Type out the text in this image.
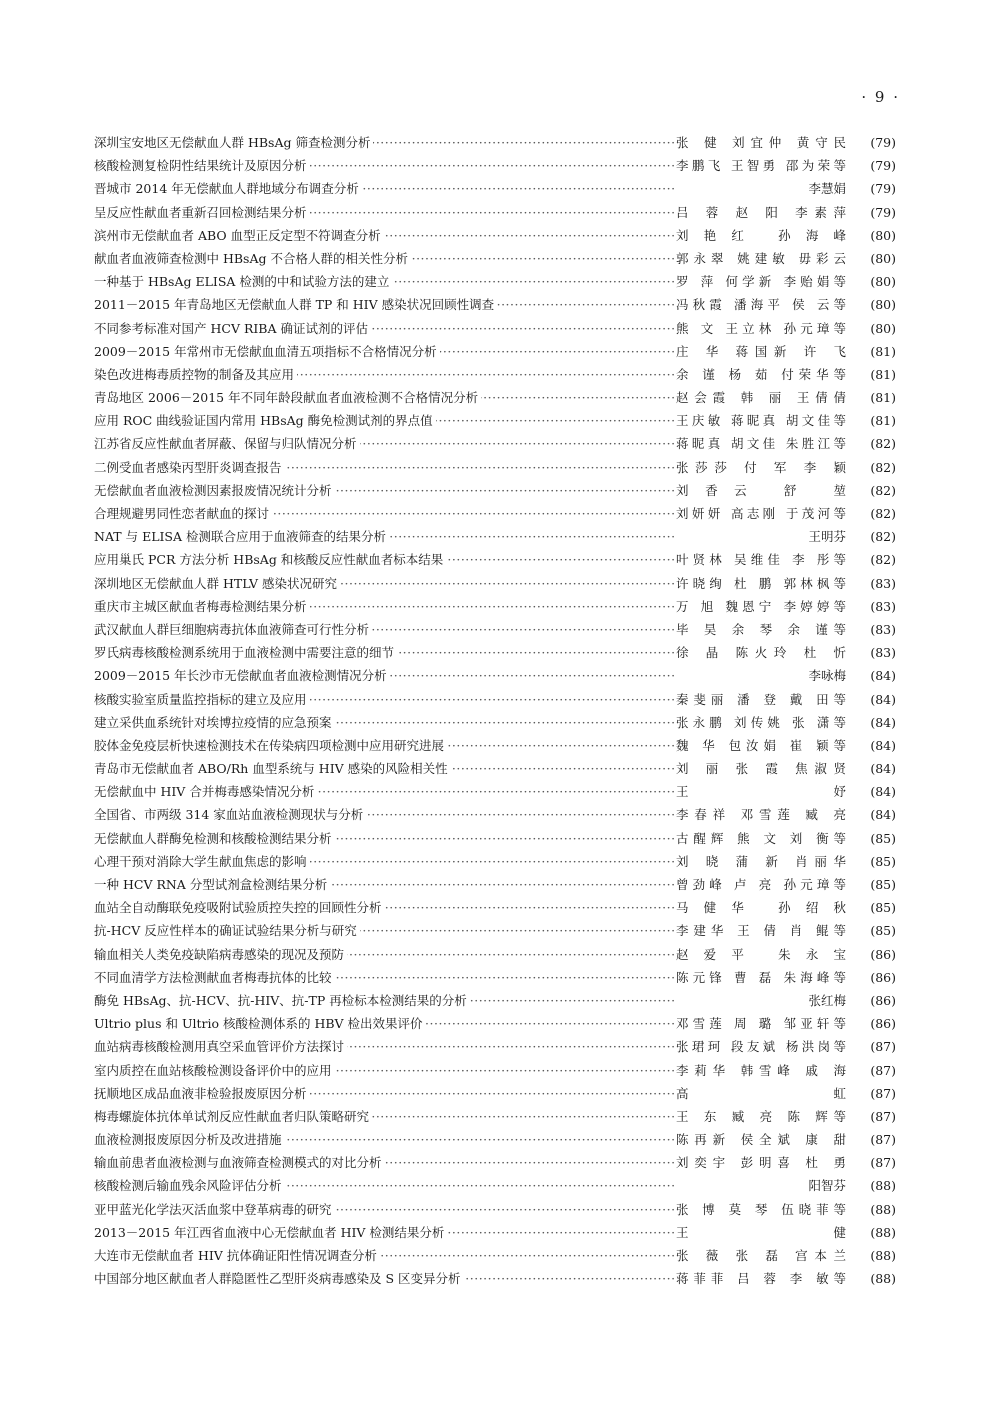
· 9 ·
·····
深圳宝安地区无偿献血人群 HBsAg 筛查检测分析	张 健 刘宜仲 黄守民	(79)
·····
核酸检测复检阴性结果统计及原因分析	李鹏飞 王智勇 邵为荣等	(79)
·····
晋城市 2014 年无偿献血人群地域分布调查分析	李慧娟	(79)
·····
呈反应性献血者重新召回检测结果分析	吕 蓉 赵 阳 李素萍	(79)
·····
滨州市无偿献血者 ABO 血型正反定型不符调查分析	刘艳红 孙海峰	(80)
·····
献血者血液筛查检测中 HBsAg 不合格人群的相关性分析	郭永翠 姚建敏 毋彩云	(80)
·····
一种基于 HBsAg ELISA 检测的中和试验方法的建立	罗 萍 何学新 李贻娟等	(80)
·····
2011－2015 年青岛地区无偿献血人群 TP 和 HIV 感染状况回顾性调查	冯秋霞 潘海平 侯 云等	(80)
·····
不同参考标准对国产 HCV RIBA 确证试剂的评估	熊 文 王立林 孙元璋等	(80)
·····
2009－2015 年常州市无偿献血血清五项指标不合格情况分析	庄 华 蒋国新 许 飞	(81)
·····
染色改进梅毒质控物的制备及其应用	余 谨 杨 茹 付荣华等	(81)
·····
青岛地区 2006－2015 年不同年龄段献血者血液检测不合格情况分析	赵会霞 韩 丽 王倩倩	(81)
·····
应用 ROC 曲线验证国内常用 HBsAg 酶免检测试剂的界点值	王庆敏 蒋昵真 胡文佳等	(81)
·····
江苏省反应性献血者屏蔽、保留与归队情况分析	蒋昵真 胡文佳 朱胜江等	(82)
·····
二例受血者感染丙型肝炎调查报告	张莎莎 付 军 李 颖	(82)
·····
无偿献血者血液检测因素报废情况统计分析	刘香云 舒 堃	(82)
·····
合理规避男同性恋者献血的探讨	刘妍妍 高志刚 于茂河等	(82)
·····
NAT 与 ELISA 检测联合应用于血液筛查的结果分析	王明芬	(82)
·····
应用巢氏 PCR 方法分析 HBsAg 和核酸反应性献血者标本结果	叶贤林 吴维佳 李 彤等	(82)
·····
深圳地区无偿献血人群 HTLV 感染状况研究	许晓绚 杜 鹏 郭林枫等	(83)
·····
重庆市主城区献血者梅毒检测结果分析	万 旭 魏恩宁 李婷婷等	(83)
·····
武汉献血人群巨细胞病毒抗体血液筛查可行性分析	毕 昊 余 琴 余 谨等	(83)
·····
罗氏病毒核酸检测系统用于血液检测中需要注意的细节	徐 晶 陈火玲 杜 忻	(83)
·····
2009－2015 年长沙市无偿献血者血液检测情况分析	李咏梅	(84)
·····
核酸实验室质量监控指标的建立及应用	秦斐丽 潘 登 戴 田等	(84)
·····
建立采供血系统针对埃博拉疫情的应急预案	张永鹏 刘传姚 张 潇等	(84)
·····
胶体金免疫层析快速检测技术在传染病四项检测中应用研究进展	魏 华 包汝娟 崔 颖等	(84)
·····
青岛市无偿献血者 ABO/Rh 血型系统与 HIV 感染的风险相关性	刘 丽 张 霞 焦淑贤	(84)
·····
无偿献血中 HIV 合并梅毒感染情况分析	王 妤	(84)
·····
全国省、市两级 314 家血站血液检测现状与分析	李春祥 邓雪莲 臧 亮	(84)
·····
无偿献血人群酶免检测和核酸检测结果分析	古醒辉 熊 文 刘 衡等	(85)
·····
心理干预对消除大学生献血焦虑的影响	刘 晓 蒲 新 肖丽华	(85)
·····
一种 HCV RNA 分型试剂盒检测结果分析	曾劲峰 卢 亮 孙元璋等	(85)
·····
血站全自动酶联免疫吸附试验质控失控的回顾性分析	马健华 孙绍秋	(85)
·····
抗-HCV 反应性样本的确证试验结果分析与研究	李建华 王 倩 肖 鲲等	(85)
·····
输血相关人类免疫缺陷病毒感染的现况及预防	赵爱平 朱永宝	(86)
·····
不同血清学方法检测献血者梅毒抗体的比较	陈元锋 曹 磊 朱海峰等	(86)
·····
酶免 HBsAg、抗-HCV、抗-HIV、抗-TP 再检标本检测结果的分析	张红梅	(86)
·····
Ultrio plus 和 Ultrio 核酸检测体系的 HBV 检出效果评价	邓雪莲 周 璐 邹亚轩等	(86)
·····
血站病毒核酸检测用真空采血管评价方法探讨	张珺珂 段友斌 杨洪岗等	(87)
·····
室内质控在血站核酸检测设备评价中的应用	李莉华 韩雪峰 戚 海	(87)
·····
抚顺地区成品血液非检验报废原因分析	高 虹	(87)
·····
梅毒螺旋体抗体单试剂反应性献血者归队策略研究	王 东 臧 亮 陈 辉等	(87)
·····
血液检测报废原因分析及改进措施	陈再新 侯全斌 康 甜	(87)
·····
输血前患者血液检测与血液筛查检测模式的对比分析	刘奕宇 彭明喜 杜 勇	(87)
·····
核酸检测后输血残余风险评估分析	阳智芬	(88)
·····
亚甲蓝光化学法灭活血浆中登革病毒的研究	张 博 莫 琴 伍晓菲等	(88)
·····
2013－2015 年江西省血液中心无偿献血者 HIV 检测结果分析	王 健	(88)
·····
大连市无偿献血者 HIV 抗体确证阳性情况调查分析	张 薇 张 磊 宫本兰	(88)
·····
中国部分地区献血者人群隐匿性乙型肝炎病毒感染及 S 区变异分析	蒋菲菲 吕 蓉 李 敏等	(88)
